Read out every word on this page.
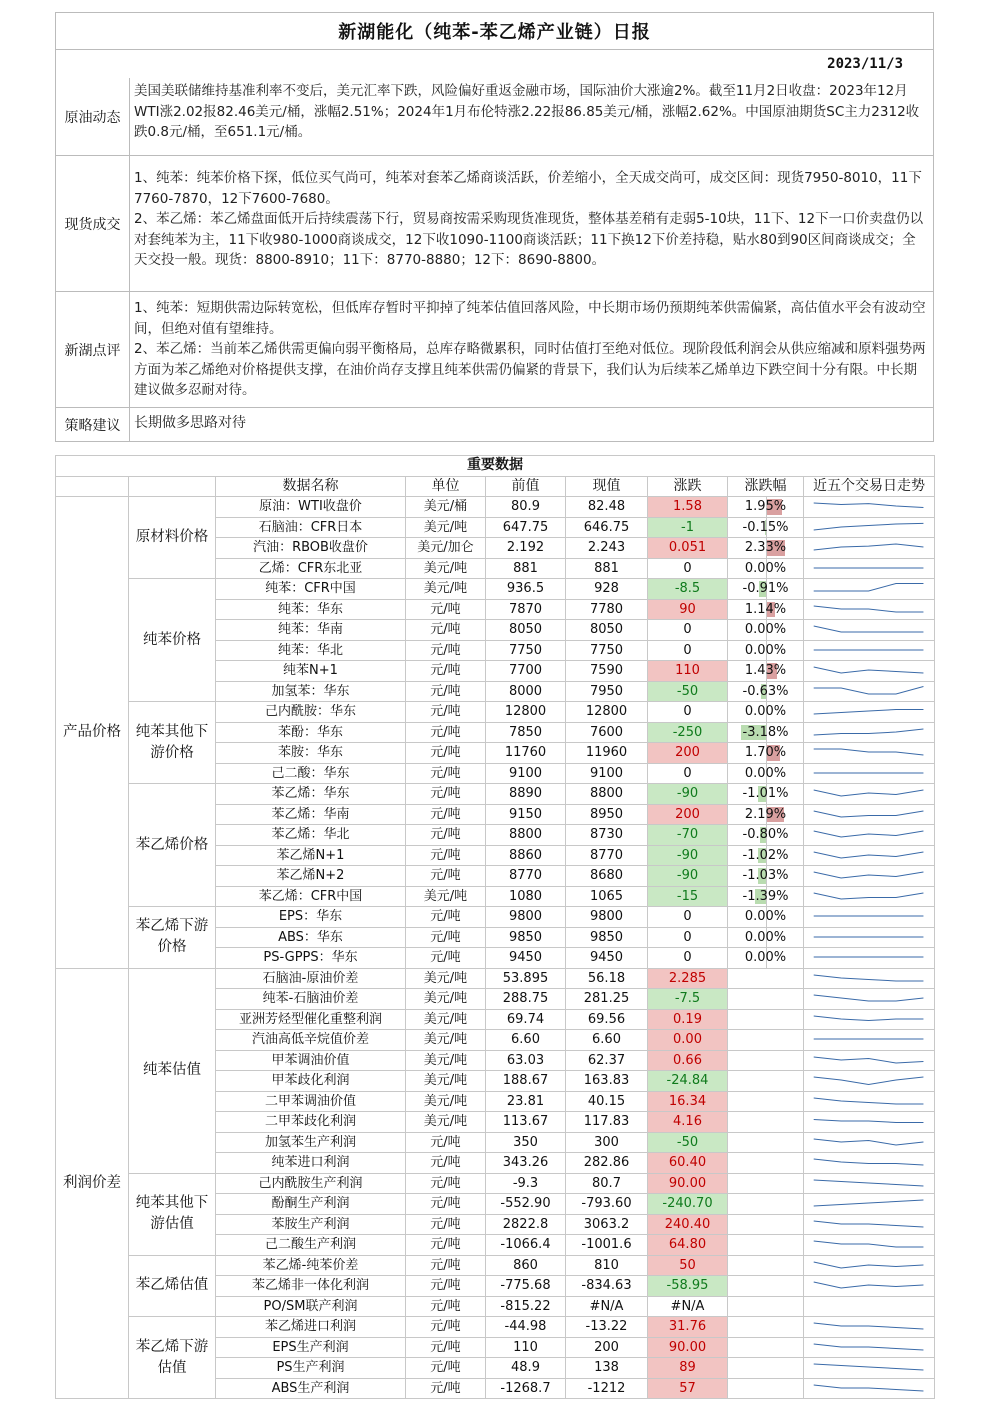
新湖能化（纯苯-苯乙烯产业链）日报
2023/11/3
原油动态

美国美联储维持基准利率不变后，美元汇率下跌，风险偏好重返金融市场，国际油价大涨逾2%。截至11月2日收盘：2023年12月WTI涨2.02报82.46美元/桶，涨幅2.51%；2024年1月布伦特涨2.22报86.85美元/桶，涨幅2.62%。中国原油期货SC主力2312收跌0.8元/桶，至651.1元/桶。

现货成交

1、纯苯：纯苯价格下探，低位买气尚可，纯苯对套苯乙烯商谈活跃，价差缩小，全天成交尚可，成交区间：现货7950-8010，11下7760-7870，12下7600-7680。

2、苯乙烯：苯乙烯盘面低开后持续震荡下行，贸易商按需采购现货准现货，整体基差稍有走弱5-10块，11下、12下一口价卖盘仍以对套纯苯为主，11下收980-1000商谈成交，12下收1090-1100商谈活跃；11下换12下价差持稳，贴水80到90区间商谈成交；全天交投一般。现货：8800-8910；11下：8770-8880；12下：8690-8800。

新湖点评

1、纯苯：短期供需边际转宽松，但低库存暂时平抑掉了纯苯估值回落风险，中长期市场仍预期纯苯供需偏紧，高估值水平会有波动空间，但绝对值有望维持。

2、苯乙烯：当前苯乙烯供需更偏向弱平衡格局，总库存略微累积，同时估值打至绝对低位。现阶段低利润会从供应缩减和原料强势两方面为苯乙烯绝对价格提供支撑，在油价尚存支撑且纯苯供需仍偏紧的背景下，我们认为后续苯乙烯单边下跌空间十分有限。中长期建议做多忍耐对待。

策略建议 长期做多思路对待

重要数据								
		数据名称	单位	前值	现值	涨跌	涨跌幅	近五个交易日走势
产品价格	原材料价格	原油：WTI收盘价	美元/桶	80.9	82.48	1.58	1.95%	

		石脑油：CFR日本	美元/吨	647.75	646.75	-1	-0.15%	

		汽油：RBOB收盘价	美元/加仑	2.192	2.243	0.051	2.33%	

		乙烯：CFR东北亚	美元/吨	881	881	0	0.00%	

	纯苯价格	纯苯：CFR中国	美元/吨	936.5	928	-8.5	-0.91%	

		纯苯：华东	元/吨	7870	7780	90	1.14%	

		纯苯：华南	元/吨	8050	8050	0	0.00%	

		纯苯：华北	元/吨	7750	7750	0	0.00%	

		纯苯N+1	元/吨	7700	7590	110	1.43%	

		加氢苯：华东	元/吨	8000	7950	-50	-0.63%	

	纯苯其他下游价格	己内酰胺：华东	元/吨	12800	12800	0	0.00%	

		苯酚：华东	元/吨	7850	7600	-250	-3.18%	

		苯胺：华东	元/吨	11760	11960	200	1.70%	

		己二酸：华东	元/吨	9100	9100	0	0.00%	

	苯乙烯价格	苯乙烯：华东	元/吨	8890	8800	-90	-1.01%	

		苯乙烯：华南	元/吨	9150	8950	200	2.19%	

		苯乙烯：华北	元/吨	8800	8730	-70	-0.80%	

		苯乙烯N+1	元/吨	8860	8770	-90	-1.02%	

		苯乙烯N+2	元/吨	8770	8680	-90	-1.03%	

		苯乙烯：CFR中国	美元/吨	1080	1065	-15	-1.39%	

	苯乙烯下游价格	EPS：华东	元/吨	9800	9800	0	0.00%	

		ABS：华东	元/吨	9850	9850	0	0.00%	

		PS-GPPS：华东	元/吨	9450	9450	0	0.00%	

利润价差	纯苯估值	石脑油-原油价差	美元/吨	53.895	56.18	2.285		

		纯苯-石脑油价差	美元/吨	288.75	281.25	-7.5		

		亚洲芳烃型催化重整利润	美元/吨	69.74	69.56	0.19		

		汽油高低辛烷值价差	美元/吨	6.60	6.60	0.00		

		甲苯调油价值	美元/吨	63.03	62.37	0.66		

		甲苯歧化利润	美元/吨	188.67	163.83	-24.84		

		二甲苯调油价值	美元/吨	23.81	40.15	16.34		

		二甲苯歧化利润	美元/吨	113.67	117.83	4.16		

		加氢苯生产利润	元/吨	350	300	-50		

		纯苯进口利润	元/吨	343.26	282.86	60.40		

	纯苯其他下游估值	己内酰胺生产利润	元/吨	-9.3	80.7	90.00		

		酚酮生产利润	元/吨	-552.90	-793.60	-240.70		

		苯胺生产利润	元/吨	2822.8	3063.2	240.40		

		己二酸生产利润	元/吨	-1066.4	-1001.6	64.80		

	苯乙烯估值	苯乙烯-纯苯价差	元/吨	860	810	50		

		苯乙烯非一体化利润	元/吨	-775.68	-834.63	-58.95		

		PO/SM联产利润	元/吨	-815.22	#N/A	#N/A		
	苯乙烯下游估值	苯乙烯进口利润	元/吨	-44.98	-13.22	31.76		

		EPS生产利润	元/吨	110	200	90.00		

		PS生产利润	元/吨	48.9	138	89		

		ABS生产利润	元/吨	-1268.7	-1212	57		
